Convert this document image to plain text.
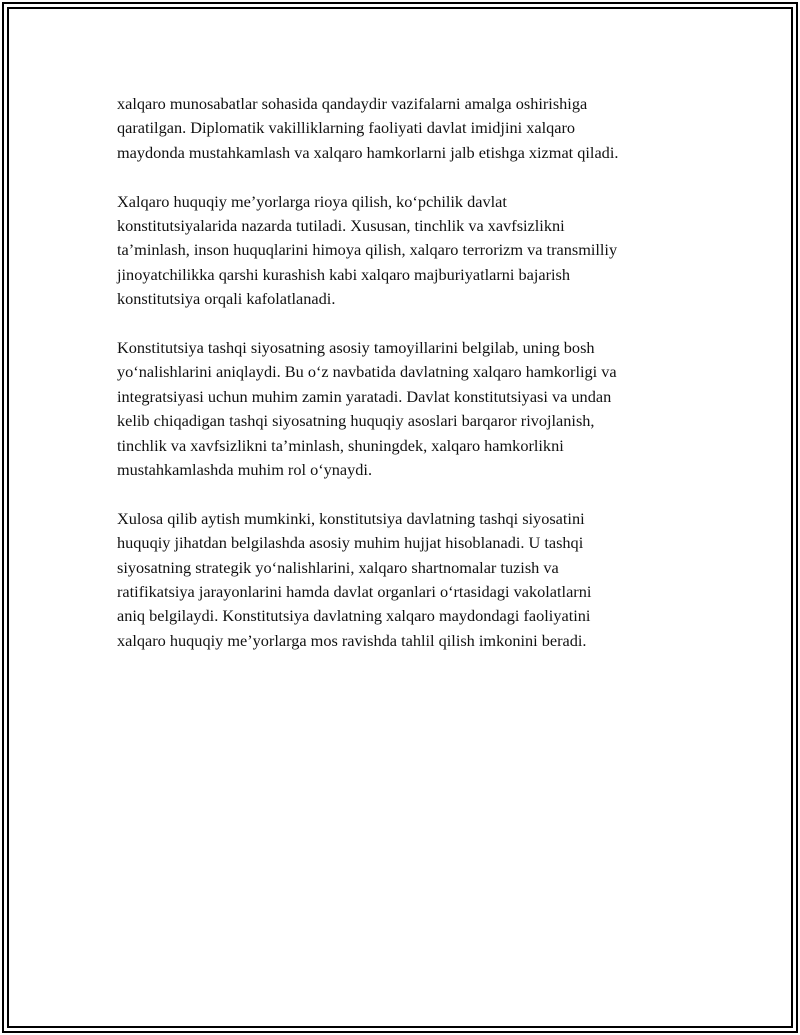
xalqaro munosabatlar sohasida qandaydir vazifalarni amalga oshirishiga
qaratilgan. Diplomatik vakilliklarning faoliyati davlat imidjini xalqaro
maydonda mustahkamlash va xalqaro hamkorlarni jalb etishga xizmat qiladi.

Xalqaro huquqiy me’yorlarga rioya qilish, ko‘pchilik davlat
konstitutsiyalarida nazarda tutiladi. Xususan, tinchlik va xavfsizlikni
ta’minlash, inson huquqlarini himoya qilish, xalqaro terrorizm va transmilliy
jinoyatchilikka qarshi kurashish kabi xalqaro majburiyatlarni bajarish
konstitutsiya orqali kafolatlanadi.

Konstitutsiya tashqi siyosatning asosiy tamoyillarini belgilab, uning bosh
yo‘nalishlarini aniqlaydi. Bu o‘z navbatida davlatning xalqaro hamkorligi va
integratsiyasi uchun muhim zamin yaratadi. Davlat konstitutsiyasi va undan
kelib chiqadigan tashqi siyosatning huquqiy asoslari barqaror rivojlanish,
tinchlik va xavfsizlikni ta’minlash, shuningdek, xalqaro hamkorlikni
mustahkamlashda muhim rol o‘ynaydi.

Xulosa qilib aytish mumkinki, konstitutsiya davlatning tashqi siyosatini
huquqiy jihatdan belgilashda asosiy muhim hujjat hisoblanadi. U tashqi
siyosatning strategik yo‘nalishlarini, xalqaro shartnomalar tuzish va
ratifikatsiya jarayonlarini hamda davlat organlari o‘rtasidagi vakolatlarni
aniq belgilaydi. Konstitutsiya davlatning xalqaro maydondagi faoliyatini
xalqaro huquqiy me’yorlarga mos ravishda tahlil qilish imkonini beradi.
